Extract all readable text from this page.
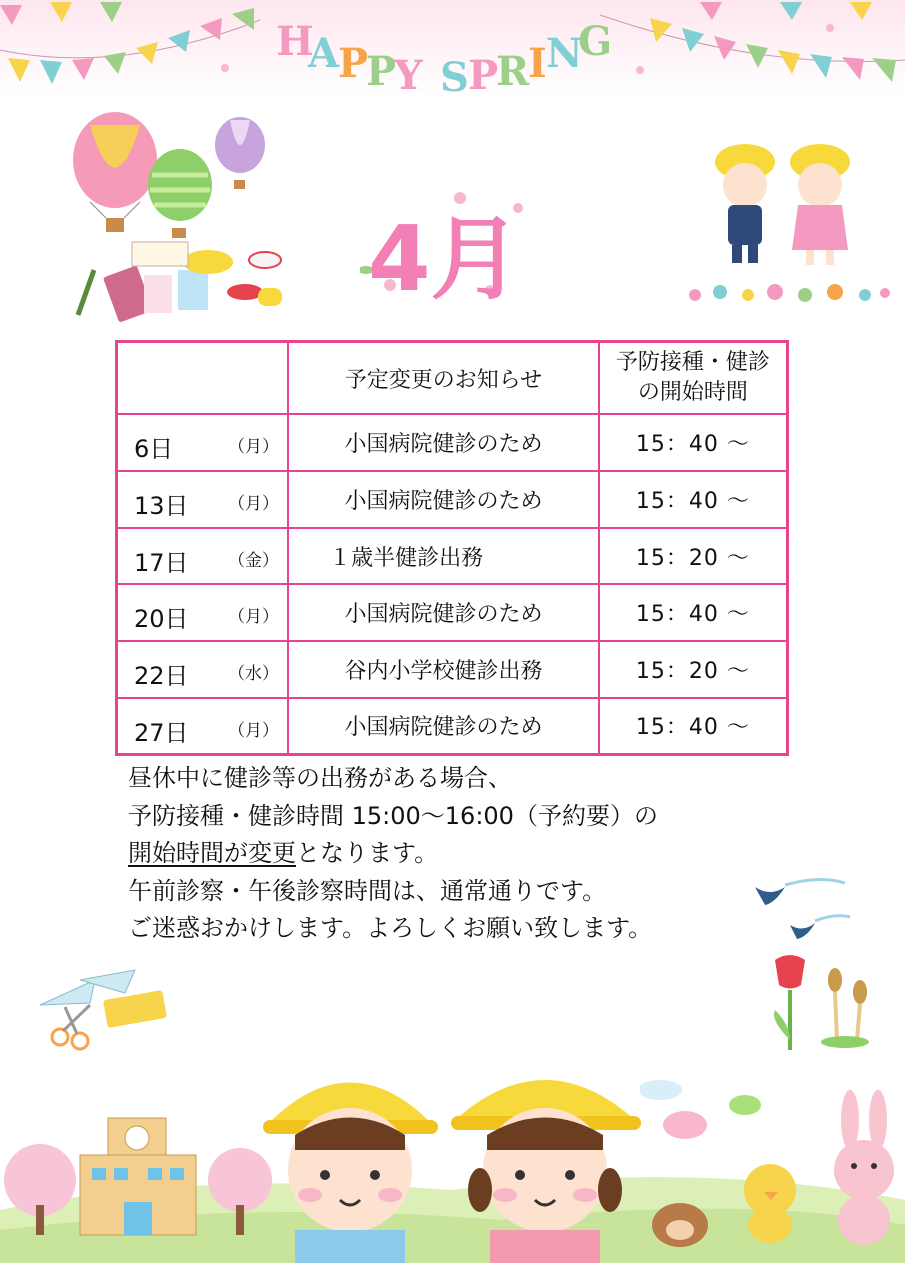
H
A
P
P
Y S P
R
I N
G
4月
	予定変更のお知らせ	予防接種・健診
の開始時間

6日 （月）	小国病院健診のため	15：40 ～

13日 （月）	小国病院健診のため	15：40 ～

17日 （金）	１歳半健診出務	15：20 ～

20日 （月）	小国病院健診のため	15：40 ～

22日 （水）	谷内小学校健診出務	15：20 ～

27日 （月）	小国病院健診のため	15：40 ～
昼休中に健診等の出務がある場合、
予防接種・健診時間 15:00～16:00（予約要）の
開始時間が変更となります。
午前診察・午後診察時間は、通常通りです。
ご迷惑おかけします。よろしくお願い致します。
